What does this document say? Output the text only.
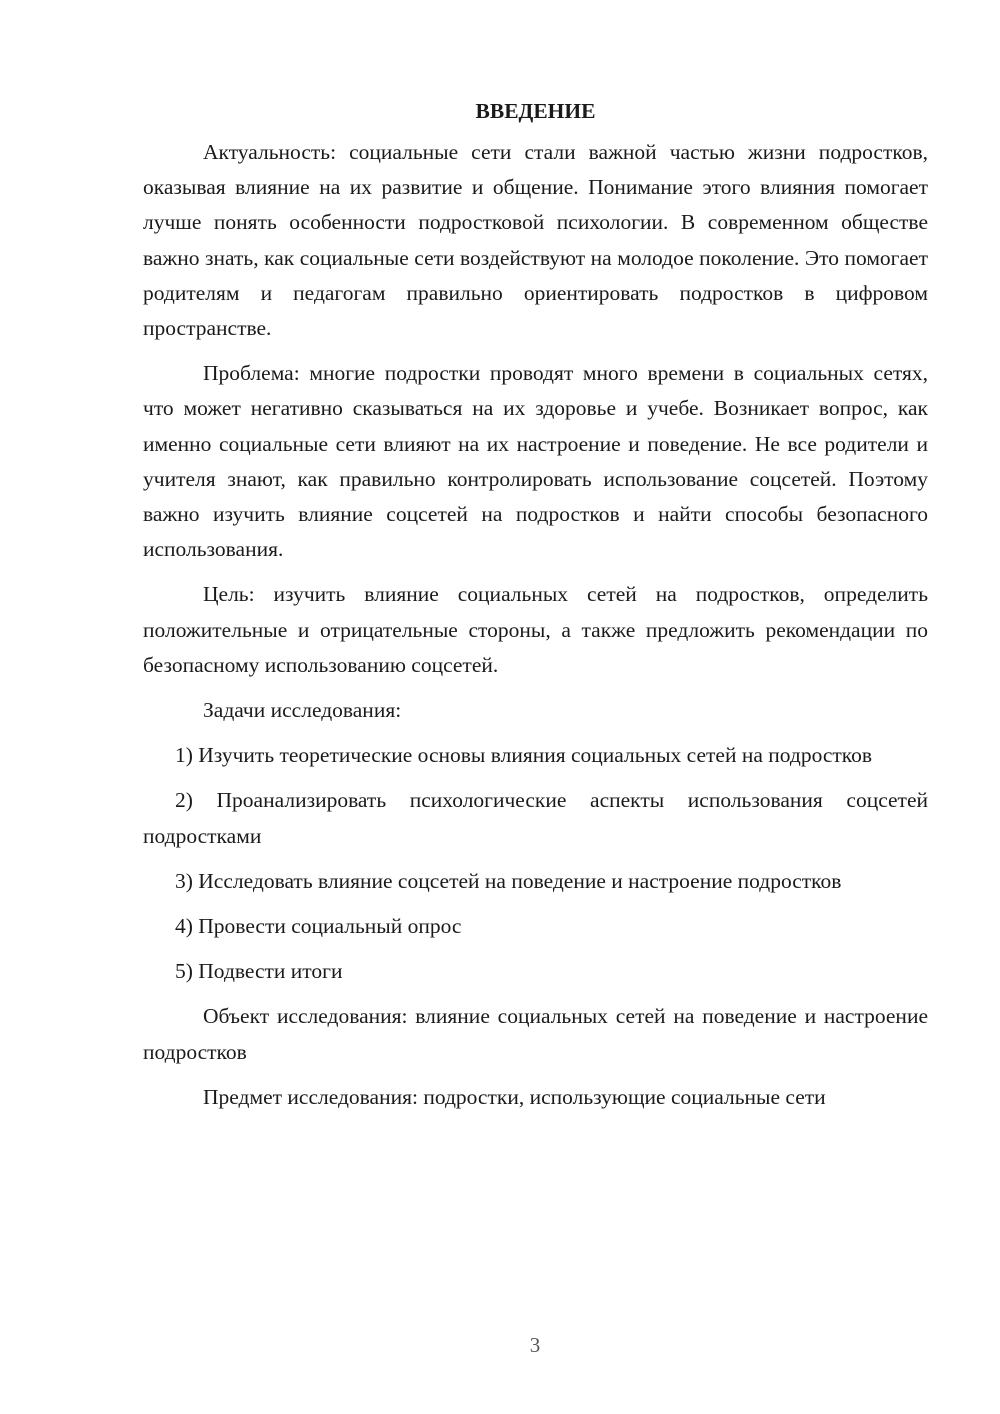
ВВЕДЕНИЕ

Актуальность: социальные сети стали важной частью жизни подростков, оказывая влияние на их развитие и общение. Понимание этого влияния помогает лучше понять особенности подростковой психологии. В современном обществе важно знать, как социальные сети воздействуют на молодое поколение. Это помогает родителям и педагогам правильно ориентировать подростков в цифровом пространстве.

Проблема: многие подростки проводят много времени в социальных сетях, что может негативно сказываться на их здоровье и учебе. Возникает вопрос, как именно социальные сети влияют на их настроение и поведение. Не все родители и учителя знают, как правильно контролировать использование соцсетей. Поэтому важно изучить влияние соцсетей на подростков и найти способы безопасного использования.

Цель: изучить влияние социальных сетей на подростков, определить положительные и отрицательные стороны, а также предложить рекомендации по безопасному использованию соцсетей.

Задачи исследования:

1) Изучить теоретические основы влияния социальных сетей на подростков

2) Проанализировать психологические аспекты использования соцсетей подростками

3) Исследовать влияние соцсетей на поведение и настроение подростков

4) Провести социальный опрос

5) Подвести итоги

Объект исследования: влияние социальных сетей на поведение и настроение подростков

Предмет исследования: подростки, использующие социальные сети

3
